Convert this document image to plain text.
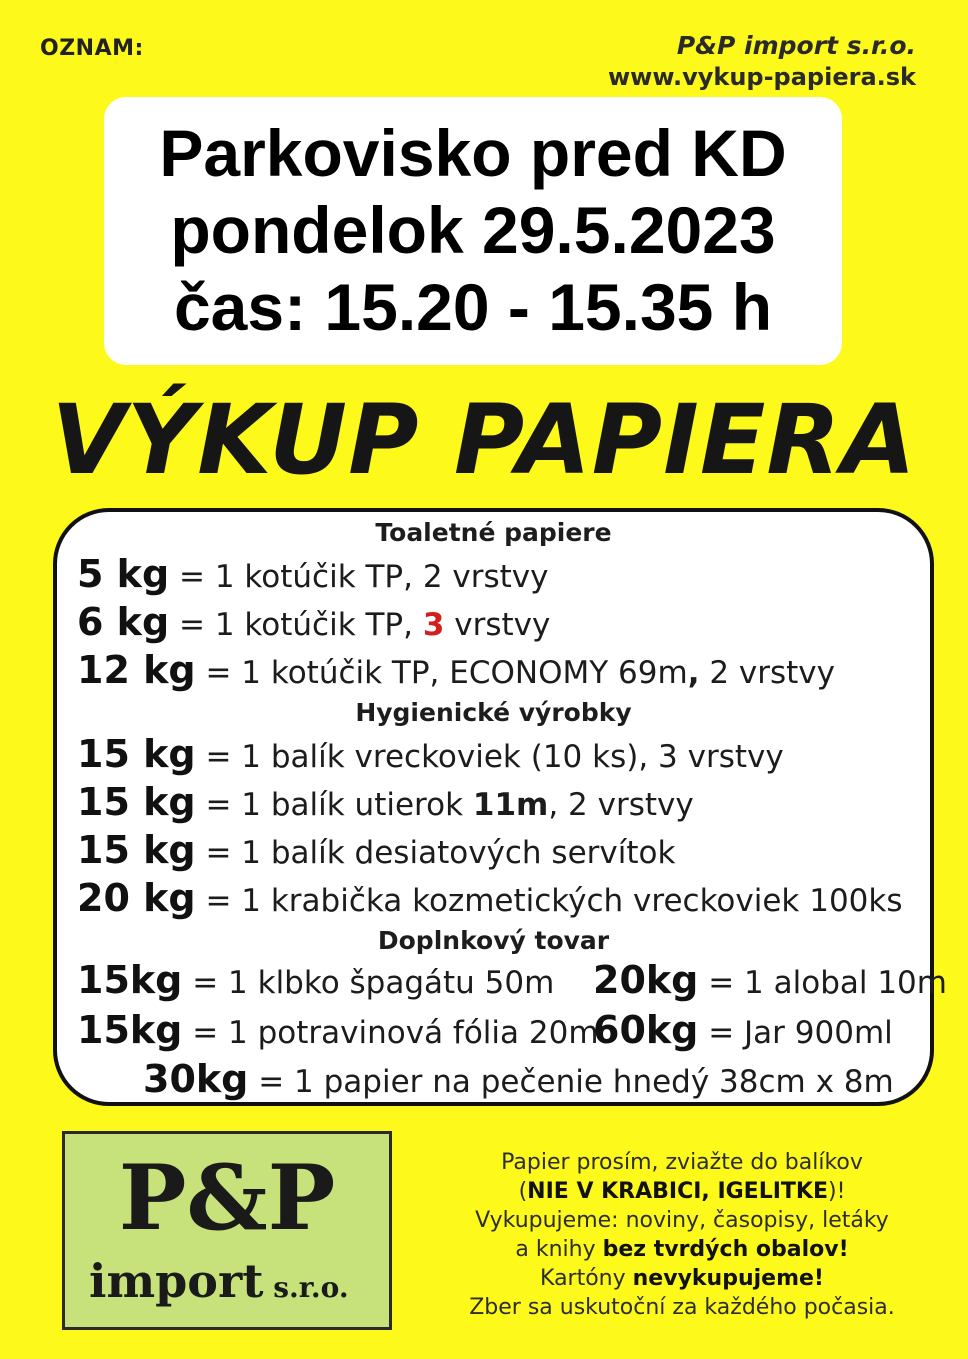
OZNAM:	P&P import s.r.o.
www.vykup-papiera.sk
Parkovisko pred KD
pondelok 29.5.2023
čas: 15.20 - 15.35 h
VÝKUP PAPIERA
Toaletné papiere
5 kg = 1 kotúčik TP, 2 vrstvy
6 kg = 1 kotúčik TP, 3 vrstvy
12 kg = 1 kotúčik TP, ECONOMY 69m, 2 vrstvy
Hygienické výrobky
15 kg = 1 balík vreckoviek (10 ks), 3 vrstvy
15 kg = 1 balík utierok 11m, 2 vrstvy
15 kg = 1 balík desiatových servítok
20 kg = 1 krabička kozmetických vreckoviek 100ks
Doplnkový tovar
15kg = 1 klbko špagátu 50m 20kg = 1 alobal 10m
15kg = 1 potravinová fólia 20m
60kg = Jar 900ml
30kg = 1 papier na pečenie hnedý 38cm x 8m
P&P
import s.r.o.
Papier prosím, zviažte do balíkov
(NIE V KRABICI, IGELITKE)!
Vykupujeme: noviny, časopisy, letáky
a knihy bez tvrdých obalov!
Kartóny nevykupujeme!
Zber sa uskutoční za každého počasia.
